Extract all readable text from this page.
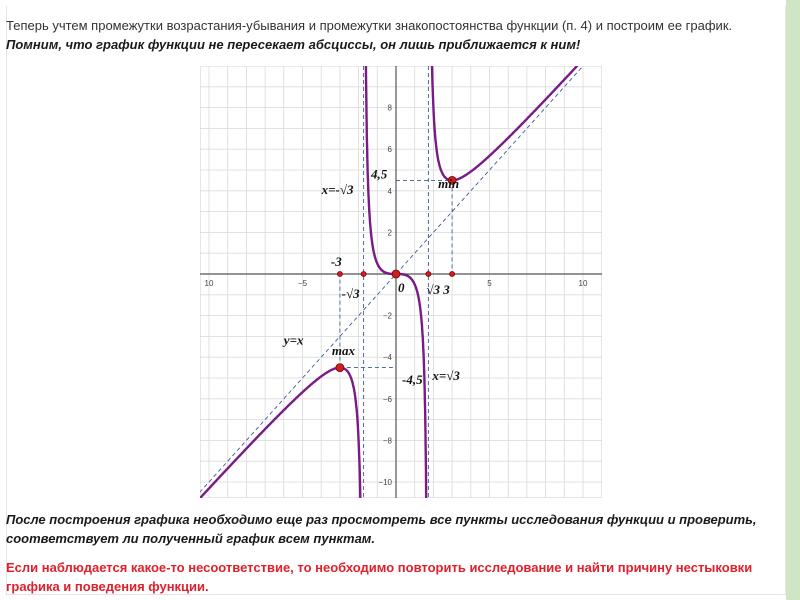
Теперь учтем промежутки возрастания-убывания и промежутки знакопостоянства функции (п. 4) и построим ее график. Помним, что график функции не пересекает абсциссы, он лишь приближается к ним!
10	−5	5	10
8
6
4
2
−2
−4
−6
−8
−10
4,5
x=-√3	min
-3
-√3	0 √3 3
y=x
max
-4,5 x=√3
После построения графика необходимо еще раз просмотреть все пункты исследования функции и проверить, соответствует ли полученный график всем пунктам.
Если наблюдается какое-то несоответствие, то необходимо повторить исследование и найти причину нестыковки графика и поведения функции.
